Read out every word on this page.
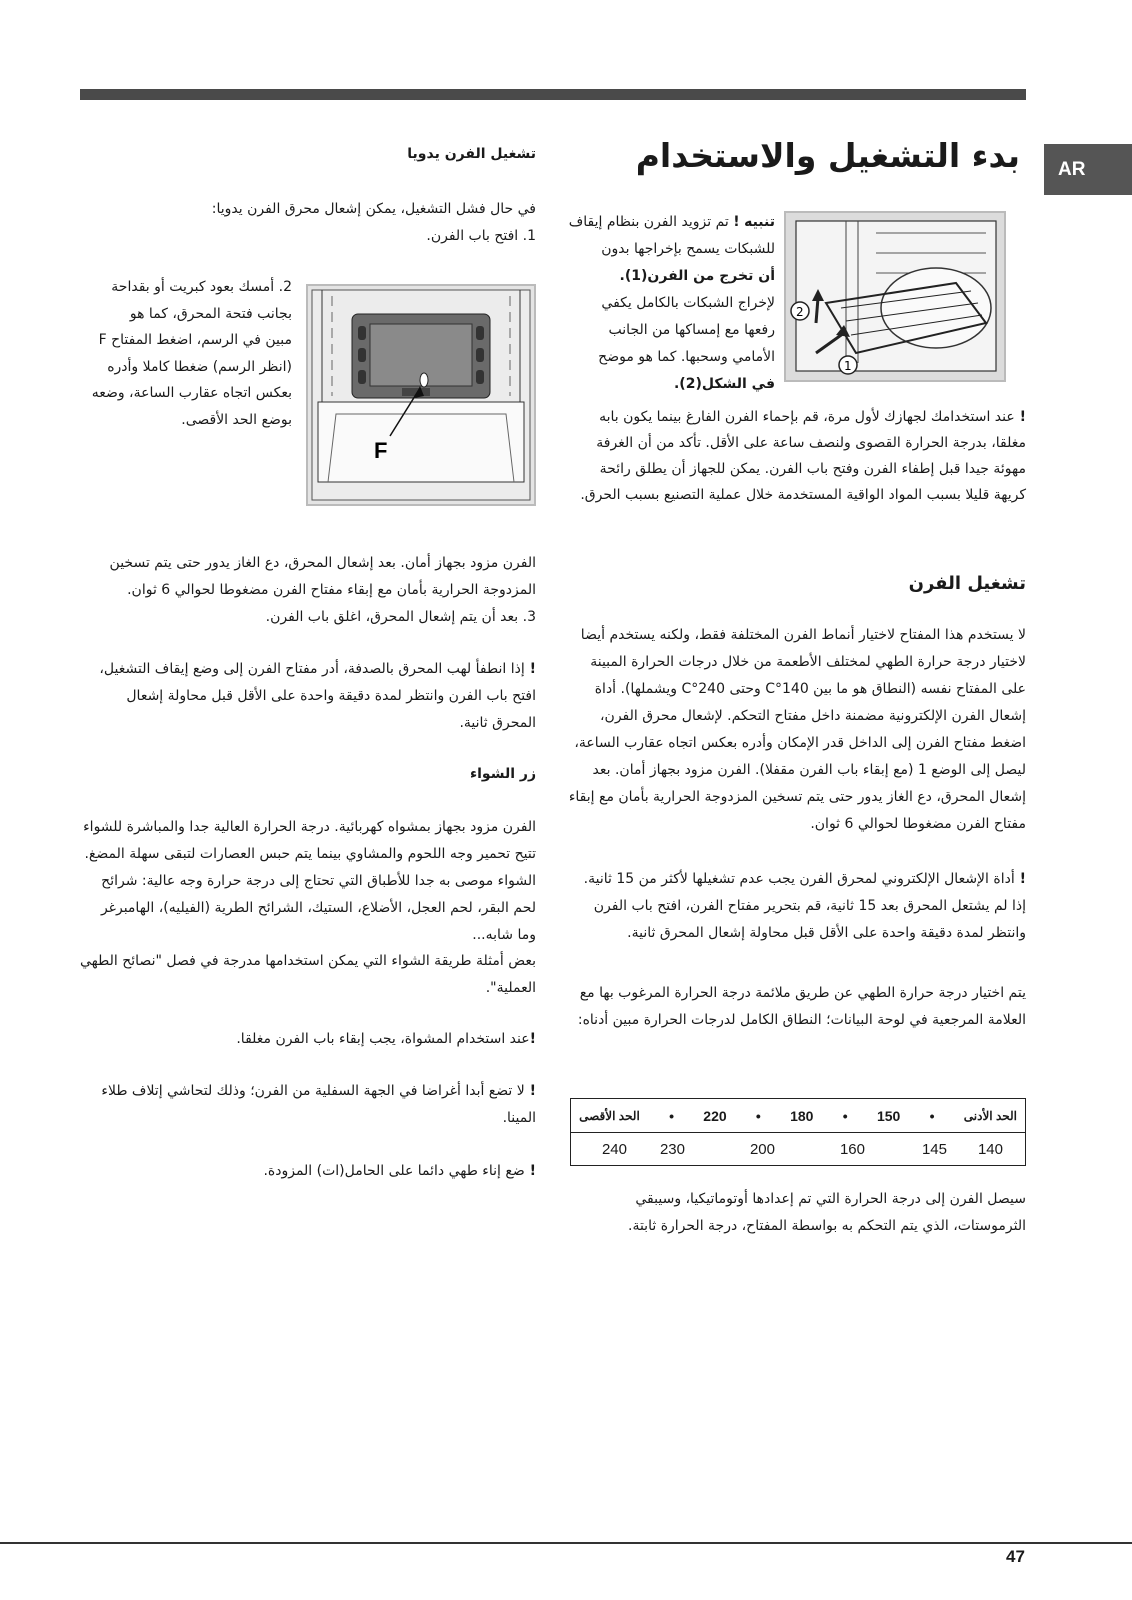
AR
بدء التشغيل والاستخدام
2
1
تنبيه ! تم تزويد الفرن بنظام إيقاف
للشبكات يسمح بإخراجها بدون
أن تخرج من الفرن(1).
لإخراج الشبكات بالكامل يكفي
رفعها مع إمساكها من الجانب
الأمامي وسحبها. كما هو موضح
في الشكل(2).

! عند استخدامك لجهازك لأول مرة، قم بإحماء الفرن الفارغ بينما يكون بابه مغلقا، بدرجة الحرارة القصوى ولنصف ساعة على الأقل. تأكد من أن الغرفة مهوئة جيدا قبل إطفاء الفرن وفتح باب الفرن. يمكن للجهاز أن يطلق رائحة كريهة قليلا بسبب المواد الواقية المستخدمة خلال عملية التصنيع بسبب الحرق.

تشغيل الفرن

لا يستخدم هذا المفتاح لاختيار أنماط الفرن المختلفة فقط، ولكنه يستخدم أيضا لاختيار درجة حرارة الطهي لمختلف الأطعمة من خلال درجات الحرارة المبينة على المفتاح نفسه (النطاق هو ما بين 140°C وحتى 240°C ويشملها). أداة إشعال الفرن الإلكترونية مضمنة داخل مفتاح التحكم. لإشعال محرق الفرن، اضغط مفتاح الفرن إلى الداخل قدر الإمكان وأدره بعكس اتجاه عقارب الساعة، ليصل إلى الوضع 1 (مع إبقاء باب الفرن مقفلا). الفرن مزود بجهاز أمان. بعد إشعال المحرق، دع الغاز يدور حتى يتم تسخين المزدوجة الحرارية بأمان مع إبقاء مفتاح الفرن مضغوطا لحوالي 6 ثوان.

! أداة الإشعال الإلكتروني لمحرق الفرن يجب عدم تشغيلها لأكثر من 15 ثانية. إذا لم يشتعل المحرق بعد 15 ثانية، قم بتحرير مفتاح الفرن، افتح باب الفرن وانتظر لمدة دقيقة واحدة على الأقل قبل محاولة إشعال المحرق ثانية.

يتم اختيار درجة حرارة الطهي عن طريق ملائمة درجة الحرارة المرغوب بها مع العلامة المرجعية في لوحة البيانات؛ النطاق الكامل لدرجات الحرارة مبين أدناه:

الحد الأدنى
•
150
•
180
•
220
•
الحد الأقصى
140
145
160
200
230
240

سيصل الفرن إلى درجة الحرارة التي تم إعدادها أوتوماتيكيا، وسيبقي الثرموستات، الذي يتم التحكم به بواسطة المفتاح، درجة الحرارة ثابتة.

تشغيل الفرن يدويا

في حال فشل التشغيل، يمكن إشعال محرق الفرن يدويا:

1. افتح باب الفرن.

2. أمسك بعود كبريت أو بقداحة
بجانب فتحة المحرق، كما هو
مبين في الرسم، اضغط المفتاح F
(انظر الرسم) ضغطا كاملا وأدره
بعكس اتجاه عقارب الساعة، وضعه
بوضع الحد الأقصى.
F

الفرن مزود بجهاز أمان. بعد إشعال المحرق، دع الغاز يدور حتى يتم تسخين المزدوجة الحرارية بأمان مع إبقاء مفتاح الفرن مضغوطا لحوالي 6 ثوان.

3. بعد أن يتم إشعال المحرق، اغلق باب الفرن.

! إذا انطفأ لهب المحرق بالصدفة، أدر مفتاح الفرن إلى وضع إيقاف التشغيل، افتح باب الفرن وانتظر لمدة دقيقة واحدة على الأقل قبل محاولة إشعال المحرق ثانية.

زر الشواء

الفرن مزود بجهاز بمشواه كهربائية. درجة الحرارة العالية جدا والمباشرة للشواء تتيح تحمير وجه اللحوم والمشاوي بينما يتم حبس العصارات لتبقى سهلة المضغ. الشواء موصى به جدا للأطباق التي تحتاج إلى درجة حرارة وجه عالية: شرائح لحم البقر، لحم العجل، الأضلاع، الستيك، الشرائح الطرية (الفيليه)، الهامبرغر وما شابه...

بعض أمثلة طريقة الشواء التي يمكن استخدامها مدرجة في فصل "نصائح الطهي العملية".

!عند استخدام المشواة، يجب إبقاء باب الفرن مغلقا.

! لا تضع أبدا أغراضا في الجهة السفلية من الفرن؛ وذلك لتحاشي إتلاف طلاء المينا.

! ضع إناء طهي دائما على الحامل(ات) المزودة.

47
